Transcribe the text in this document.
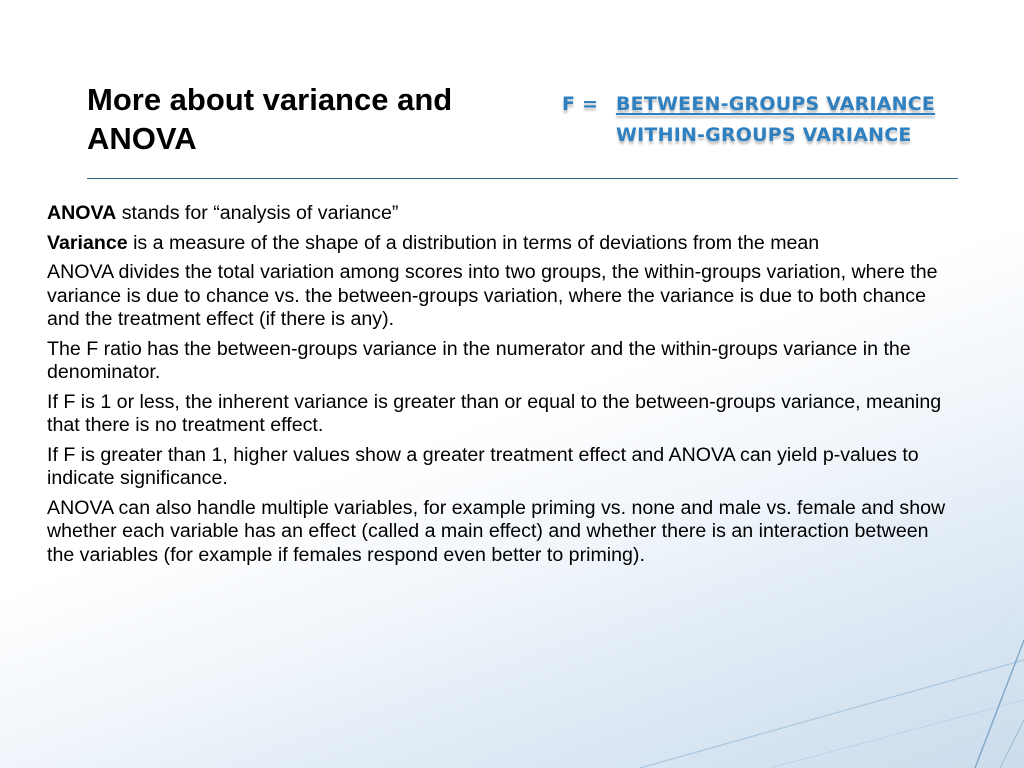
More about variance and
ANOVA
F = BETWEEN-GROUPS VARIANCE
WITHIN-GROUPS VARIANCE

ANOVA stands for “analysis of variance”

Variance is a measure of the shape of a distribution in terms of deviations from the mean

ANOVA divides the total variation among scores into two groups, the within-groups variation, where the variance is due to chance vs. the between-groups variation, where the variance is due to both chance and the treatment effect (if there is any).

The F ratio has the between-groups variance in the numerator and the within-groups variance in the denominator.

If F is 1 or less, the inherent variance is greater than or equal to the between-groups variance, meaning that there is no treatment effect.

If F is greater than 1, higher values show a greater treatment effect and ANOVA can yield p-values to indicate significance.

ANOVA can also handle multiple variables, for example priming vs. none and male vs. female and show whether each variable has an effect (called a main effect) and whether there is an interaction between the variables (for example if females respond even better to priming).
